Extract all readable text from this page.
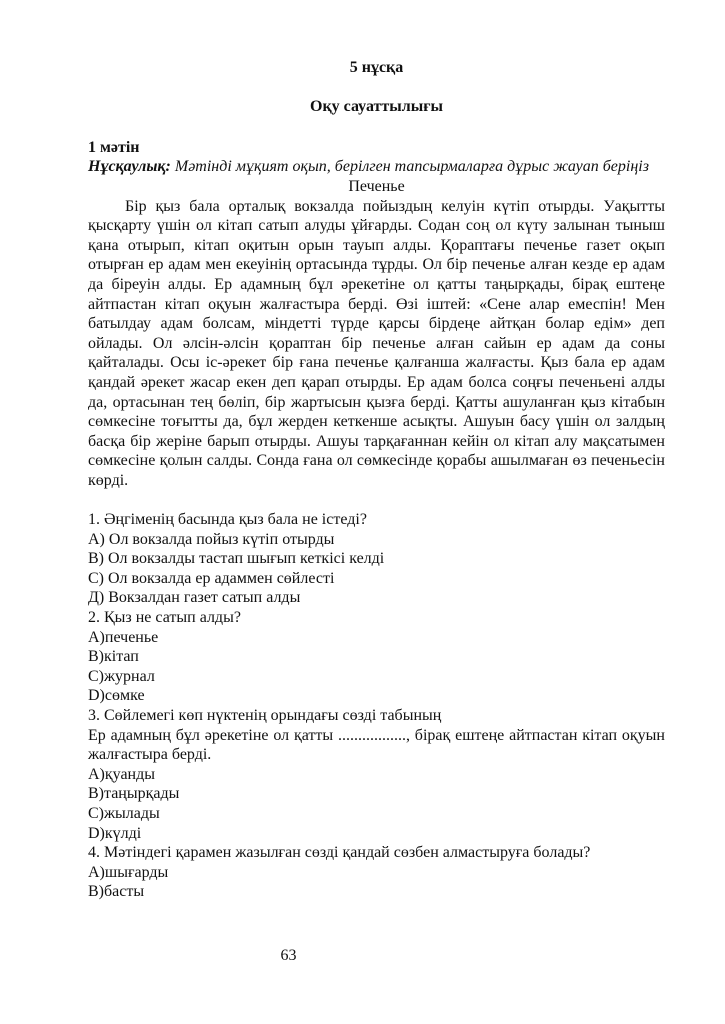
5 нұсқа

Оқу сауаттылығы

1 мәтін

Нұсқаулық: Мәтінді мұқият оқып, берілген тапсырмаларға дұрыс жауап беріңіз

Печенье

Бір қыз бала орталық вокзалда пойыздың келуін күтіп отырды. Уақытты қысқарту үшін ол кітап сатып алуды ұйғарды. Содан соң ол күту залынан тыныш қана отырып, кітап оқитын орын тауып алды. Қораптағы печенье газет оқып отырған ер адам мен екеуінің ортасында тұрды. Ол бір печенье алған кезде ер адам да біреуін алды. Ер адамның бұл әрекетіне ол қатты таңырқады, бірақ ештеңе айтпастан кітап оқуын жалғастыра берді. Өзі іштей: «Сене алар емеспін! Мен батылдау адам болсам, міндетті түрде қарсы бірдеңе айтқан болар едім» деп ойлады. Ол әлсін-әлсін қораптан бір печенье алған сайын ер адам да соны қайталады. Осы іс-әрекет бір ғана печенье қалғанша жалғасты. Қыз бала ер адам қандай әрекет жасар екен деп қарап отырды. Ер адам болса соңғы печеньені алды да, ортасынан тең бөліп, бір жартысын қызға берді. Қатты ашуланған қыз кітабын сөмкесіне тоғытты да, бұл жерден кеткенше асықты. Ашуын басу үшін ол залдың басқа бір жеріне барып отырды. Ашуы тарқағаннан кейін ол кітап алу мақсатымен сөмкесіне қолын салды. Сонда ғана ол сөмкесінде қорабы ашылмаған өз печеньесін көрді.

1. Әңгіменің басында қыз бала не істеді?
А) Ол вокзалда пойыз күтіп отырды
В) Ол вокзалды тастап шығып кеткісі келді
С) Ол вокзалда ер адаммен сөйлесті
Д) Вокзалдан газет сатып алды
2. Қыз не сатып алды?
А)печенье
В)кітап
С)журнал
D)сөмке
3. Сөйлемегі көп нүктенің орындағы сөзді табының
Ер адамның бұл әрекетіне ол қатты ................., бірақ ештеңе айтпастан кітап оқуын жалғастыра берді.
А)қуанды
В)таңырқады
С)жылады
D)күлді
4. Мәтіндегі қарамен жазылған сөзді қандай сөзбен алмастыруға болады?
А)шығарды
В)басты
63
